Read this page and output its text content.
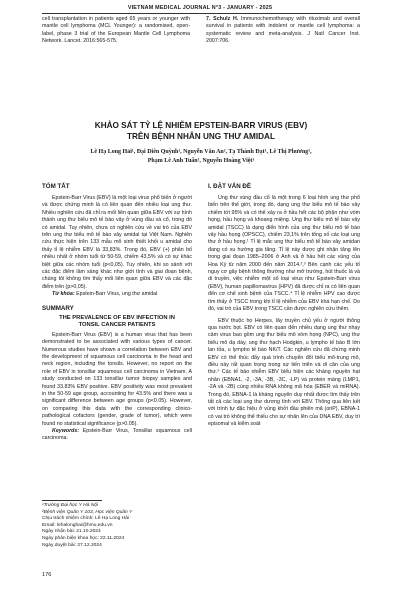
VIETNAM MEDICAL JOURNAL N°3 - JANUARY - 2025
cell transplantation in patients aged 65 years or younger with mantle cell lymphoma (MCL Younger): a randomised, open-label, phase 3 trial of the European Mantle Cell Lymphoma Network. Lancet. 2016:565-575.
7. Schulz H. Immunochemotherapy with rituximab and overall survival in patients with indolent or mantle cell lymphoma: a systematic review and meta-analysis. J Natl Cancer Inst. 2007:706.
KHẢO SÁT TỶ LỆ NHIỄM EPSTEIN-BARR VIRUS (EBV)
TRÊN BỆNH NHÂN UNG THƯ AMIDAL
Lê Hạ Long Hải¹, Đại Diên Quỳnh¹, Nguyễn Văn An², Tạ Thành Đạt¹, Lê Thị Phương¹,
Phạm Lê Anh Tuấn¹, Nguyễn Hoàng Việt¹
TÓM TẮT
Epstein-Barr Virus (EBV) là một loại virus phổ biến ở người và được chứng minh là có liên quan đến nhiều loại ung thư. Nhiều nghiên cứu đã chỉ ra mối liên quan giữa EBV với sự hình thành ung thư biểu mô tế bào vảy ở vùng đầu và cổ, trong đó có amidal. Tuy nhiên, chưa có nghiên cứu về vai trò của EBV trên ung thư biểu mô tế bào vảy amidal tại Việt Nam. Nghiên cứu thực hiện trên 133 mẫu mô sinh thiết khối u amidal cho thấy tỉ lệ nhiễm EBV là 33,83%. Trong đó, EBV (+) phân bố nhiều nhất ở nhóm tuổi từ 50-59, chiếm 43,5% và có sự khác biệt giữa các nhóm tuổi (p<0,05). Tuy nhiên, khi so sánh với các đặc điểm lâm sàng khác như giới tính và giai đoạn bệnh, chúng tôi không tìm thấy mối liên quan giữa EBV và các đặc điểm trên (p>0,05).
Từ khóa: Epstein-Barr Virus, ung thư amidal
SUMMARY
THE PREVALENCE OF EBV INFECTION IN
TONSIL CANCER PATIENTS
Epstein-Barr Virus (EBV) is a human virus that has been demonstrated to be associated with various types of cancer. Numerous studies have shown a correlation between EBV and the development of squamous cell carcinoma in the head and neck region, including the tonsils. However, no report on the role of EBV in tonsillar squamous cell carcinoma in Vietnam. A study conducted on 133 tonsillar tumor biopsy samples and found 33.83% EBV positive. EBV positivity was most prevalent in the 50-59 age group, accounting for 43.5% and there was a significant difference between age groups (p<0.05). However, on comparing this data with the corresponding clinico-pathological cofactors (gender, grade of tumor), which were found no statistical significance (p>0.05).
Keywords: Epstein-Barr Virus, Tonsillar squamous cell carcinoma.
¹Trường Đại học Y Hà Nội
²Bệnh viện Quân Y 103, Học viện Quân Y
Chịu trách nhiệm chính: Lê Hạ Long Hải
Email: lehalonghai@hmu.edu.vn
Ngày nhận bài: 21.10.2024
Ngày phản biện khoa học: 22.11.2024
Ngày duyệt bài: 27.12.2024
I. ĐẶT VẤN ĐỀ
Ung thư vùng đầu cổ là một trong 6 loại hình ung thư phổ biến trên thế giới, trong đó, dạng ung thư biểu mô tế bào vảy chiếm tới 95% và có thể xảy ra ở hầu hết các bộ phận như vòm họng, hầu họng và khoang miệng. Ung thư biểu mô tế bào vảy amidal (TSCC) là dạng điển hình của ung thư biểu mô tế bào vảy hầu họng (OPSCC), chiếm 23,1% trên tổng số các loại ung thư ở hầu họng.¹ Tỉ lệ mắc ung thư biểu mô tế bào vảy amidan đang có xu hướng gia tăng. Tỉ lệ này được ghi nhận tăng lên trong giai đoạn 1985–2006 ở Anh và ở hầu hết các vùng của Hoa Kỳ từ năm 2000 đến năm 2014.²,³ Bên cạnh các yếu tố nguy cơ gây bệnh thông thường như mỡ trường, hút thuốc lá và di truyền, việc nhiễm một số loại virus như Epstein-Barr virus (EBV), human papillomavirus (HPV) đã được chỉ ra có liên quan đến cơ chế sinh bệnh của TSCC.⁴ Tỉ lệ nhiễm HPV cao được tìm thấy ở TSCC trong khi tỉ lệ nhiễm của EBV khá hạn chế. Do đó, vai trò của EBV trong TSCC cần được nghiên cứu thêm.
EBV thuộc họ Herpes, lây truyền chủ yếu ở người thông qua nước bọt. EBV có liên quan đến nhiều dạng ung thư nhạy cảm virus bao gồm ung thư biểu mô vòm họng (NPC), ung thư biểu mô dạ dày, ung thư hạch Hodgkin, u lympho tế bào B lớn lan tỏa, u lympho tế bào NK/T. Các nghiên cứu đã chứng minh EBV có thể thúc đẩy quá trình chuyển đổi biểu mô-trung mô, điều này rất quan trọng trong sự tiến triển và di căn của ung thư.⁵ Các tế bào nhiễm EBV biểu hiện các kháng nguyên hạt nhân (EBNA1, -2, -3A, -3B, -3C, -LP) và protein màng (LMP1, -2A và -2B) cùng nhiều RNA không mã hóa (EBER và miRNA). Trong đó, EBNA-1 là kháng nguyên duy nhất được tìm thấy trên tất cả các loại ung thư dương tính với EBV. Thông qua liên kết với trình tự đặc hiệu ở vùng khởi đầu phiên mã (oriP), EBNA-1 có vai trò không thể thiếu cho sự nhân lên của DNA EBV, duy trì episomal và kiểm soát
176
